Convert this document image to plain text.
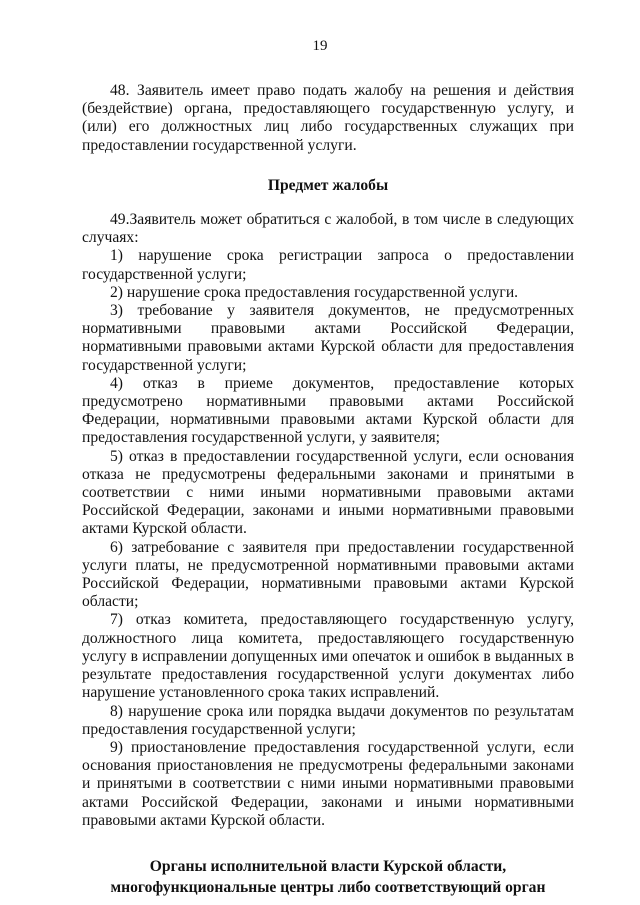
19

48. Заявитель имеет право подать жалобу на решения и действия (бездействие) органа, предоставляющего государственную услугу, и (или) его должностных лиц либо государственных служащих при предоставлении государственной услуги.

Предмет жалобы

49.Заявитель может обратиться с жалобой, в том числе в следующих случаях:

1) нарушение срока регистрации запроса о предоставлении государственной услуги;

2) нарушение срока предоставления государственной услуги.

3) требование у заявителя документов, не предусмотренных нормативными правовыми актами Российской Федерации, нормативными правовыми актами Курской области для предоставления государственной услуги;

4) отказ в приеме документов, предоставление которых предусмотрено нормативными правовыми актами Российской Федерации, нормативными правовыми актами Курской области для предоставления государственной услуги, у заявителя;

5) отказ в предоставлении государственной услуги, если основания отказа не предусмотрены федеральными законами и принятыми в соответствии с ними иными нормативными правовыми актами Российской Федерации, законами и иными нормативными правовыми актами Курской области.

6) затребование с заявителя при предоставлении государственной услуги платы, не предусмотренной нормативными правовыми актами Российской Федерации, нормативными правовыми актами Курской области;

7) отказ комитета, предоставляющего государственную услугу, должностного лица комитета, предоставляющего государственную услугу в исправлении допущенных ими опечаток и ошибок в выданных в результате предоставления государственной услуги документах либо нарушение установленного срока таких исправлений.

8) нарушение срока или порядка выдачи документов по результатам предоставления государственной услуги;

9) приостановление предоставления государственной услуги, если основания приостановления не предусмотрены федеральными законами и принятыми в соответствии с ними иными нормативными правовыми актами Российской Федерации, законами и иными нормативными правовыми актами Курской области.

Органы исполнительной власти Курской области,
многофункциональные центры либо соответствующий орган
